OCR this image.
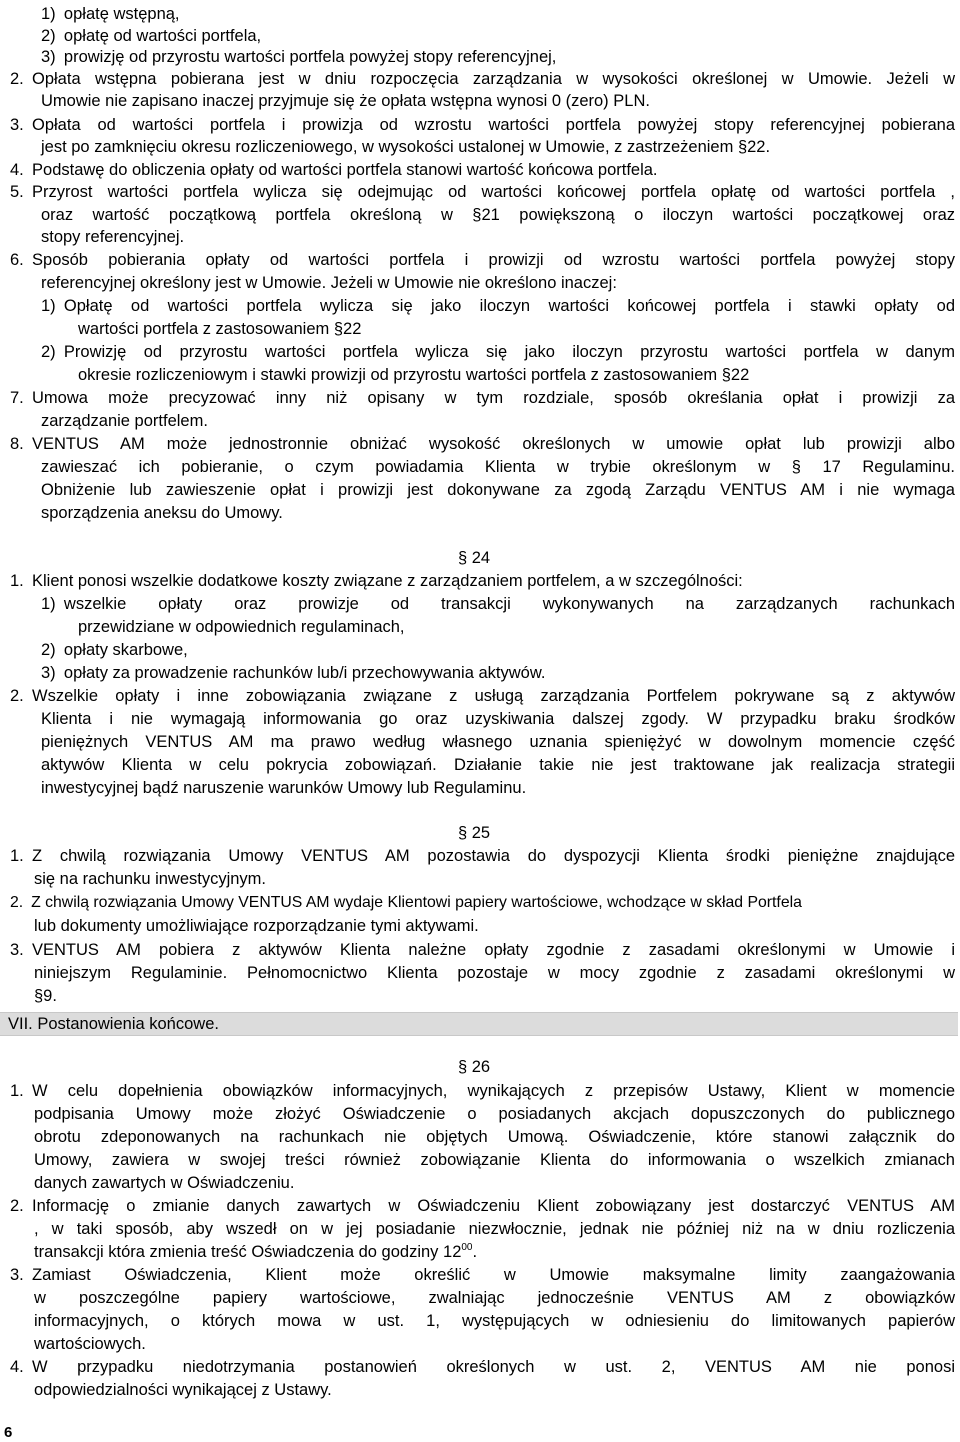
1) opłatę wstępną,
2) opłatę od wartości portfela,
3) prowizję od przyrostu wartości portfela powyżej stopy referencyjnej,
2. Opłata wstępna pobierana jest w dniu rozpoczęcia zarządzania w wysokości określonej w Umowie. Jeżeli w
Umowie nie zapisano inaczej przyjmuje się że opłata wstępna wynosi 0 (zero) PLN.
3. Opłata od wartości portfela i prowizja od wzrostu wartości portfela powyżej stopy referencyjnej pobierana
jest po zamknięciu okresu rozliczeniowego, w wysokości ustalonej w Umowie, z zastrzeżeniem §22.
4. Podstawę do obliczenia opłaty od wartości portfela stanowi wartość końcowa portfela.
5. Przyrost wartości portfela wylicza się odejmując od wartości końcowej portfela opłatę od wartości portfela ,
oraz wartość początkową portfela określoną w §21 powiększoną o iloczyn wartości początkowej oraz
stopy referencyjnej.
6. Sposób pobierania opłaty od wartości portfela i prowizji od wzrostu wartości portfela powyżej stopy
referencyjnej określony jest w Umowie. Jeżeli w Umowie nie określono inaczej:
1) Opłatę od wartości portfela wylicza się jako iloczyn wartości końcowej portfela i stawki opłaty od
wartości portfela z zastosowaniem §22
2) Prowizję od przyrostu wartości portfela wylicza się jako iloczyn przyrostu wartości portfela w danym
okresie rozliczeniowym i stawki prowizji od przyrostu wartości portfela z zastosowaniem §22
7. Umowa może precyzować inny niż opisany w tym rozdziale, sposób określania opłat i prowizji za
zarządzanie portfelem.
8. VENTUS AM może jednostronnie obniżać wysokość określonych w umowie opłat lub prowizji albo
zawieszać ich pobieranie, o czym powiadamia Klienta w trybie określonym w § 17 Regulaminu.
Obniżenie lub zawieszenie opłat i prowizji jest dokonywane za zgodą Zarządu VENTUS AM i nie wymaga
sporządzenia aneksu do Umowy.
§ 24
1. Klient ponosi wszelkie dodatkowe koszty związane z zarządzaniem portfelem, a w szczególności:
1) wszelkie opłaty oraz prowizje od transakcji wykonywanych na zarządzanych rachunkach
przewidziane w odpowiednich regulaminach,
2) opłaty skarbowe,
3) opłaty za prowadzenie rachunków lub/i przechowywania aktywów.
2. Wszelkie opłaty i inne zobowiązania związane z usługą zarządzania Portfelem pokrywane są z aktywów
Klienta i nie wymagają informowania go oraz uzyskiwania dalszej zgody. W przypadku braku środków
pieniężnych VENTUS AM ma prawo według własnego uznania spieniężyć w dowolnym momencie część
aktywów Klienta w celu pokrycia zobowiązań. Działanie takie nie jest traktowane jak realizacja strategii
inwestycyjnej bądź naruszenie warunków Umowy lub Regulaminu.
§ 25
1. Z chwilą rozwiązania Umowy VENTUS AM pozostawia do dyspozycji Klienta środki pieniężne znajdujące
się na rachunku inwestycyjnym.
2. Z chwilą rozwiązania Umowy VENTUS AM wydaje Klientowi papiery wartościowe, wchodzące w skład Portfela
lub dokumenty umożliwiające rozporządzanie tymi aktywami.
3. VENTUS AM pobiera z aktywów Klienta należne opłaty zgodnie z zasadami określonymi w Umowie i
niniejszym Regulaminie. Pełnomocnictwo Klienta pozostaje w mocy zgodnie z zasadami określonymi w
§9.
VII. Postanowienia końcowe.
§ 26
1. W celu dopełnienia obowiązków informacyjnych, wynikających z przepisów Ustawy, Klient w momencie
podpisania Umowy może złożyć Oświadczenie o posiadanych akcjach dopuszczonych do publicznego
obrotu zdeponowanych na rachunkach nie objętych Umową. Oświadczenie, które stanowi załącznik do
Umowy, zawiera w swojej treści również zobowiązanie Klienta do informowania o wszelkich zmianach
danych zawartych w Oświadczeniu.
2. Informację o zmianie danych zawartych w Oświadczeniu Klient zobowiązany jest dostarczyć VENTUS AM
, w taki sposób, aby wszedł on w jej posiadanie niezwłocznie, jednak nie później niż na w dniu rozliczenia
transakcji która zmienia treść Oświadczenia do godziny $12^{00}$.
3. Zamiast Oświadczenia, Klient może określić w Umowie maksymalne limity zaangażowania
w poszczególne papiery wartościowe, zwalniając jednocześnie VENTUS AM z obowiązków
informacyjnych, o których mowa w ust. 1, występujących w odniesieniu do limitowanych papierów
wartościowych.
4. W przypadku niedotrzymania postanowień określonych w ust. 2, VENTUS AM nie ponosi
odpowiedzialności wynikającej z Ustawy.
6
